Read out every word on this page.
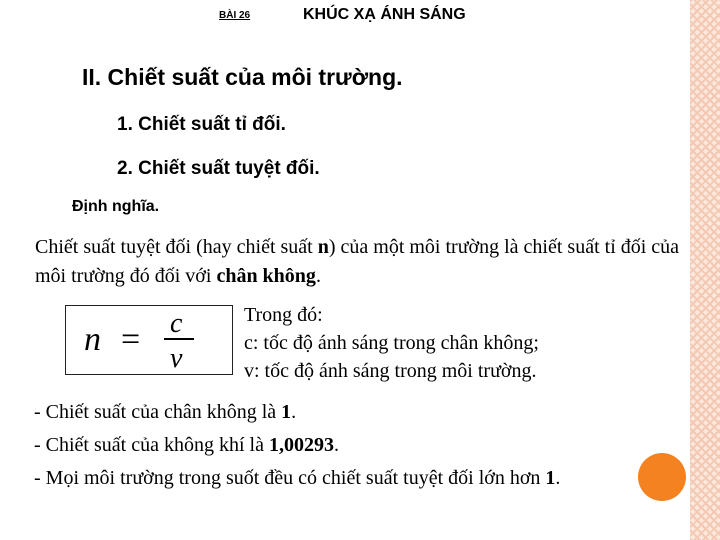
BÀI 26	KHÚC XẠ ÁNH SÁNG
II. Chiết suất của môi trường.
1. Chiết suất tỉ đối.
2. Chiết suất tuyệt đối.
Định nghĩa.
Chiết suất tuyệt đối (hay chiết suất n) của một môi trường là chiết suất tỉ đối của môi trường đó đối với chân không.
n = c
v
Trong đó:
c: tốc độ ánh sáng trong chân không;
v: tốc độ ánh sáng trong môi trường.
- Chiết suất của chân không là 1.
- Chiết suất của không khí là 1,00293.
- Mọi môi trường trong suốt đều có chiết suất tuyệt đối lớn hơn 1.
